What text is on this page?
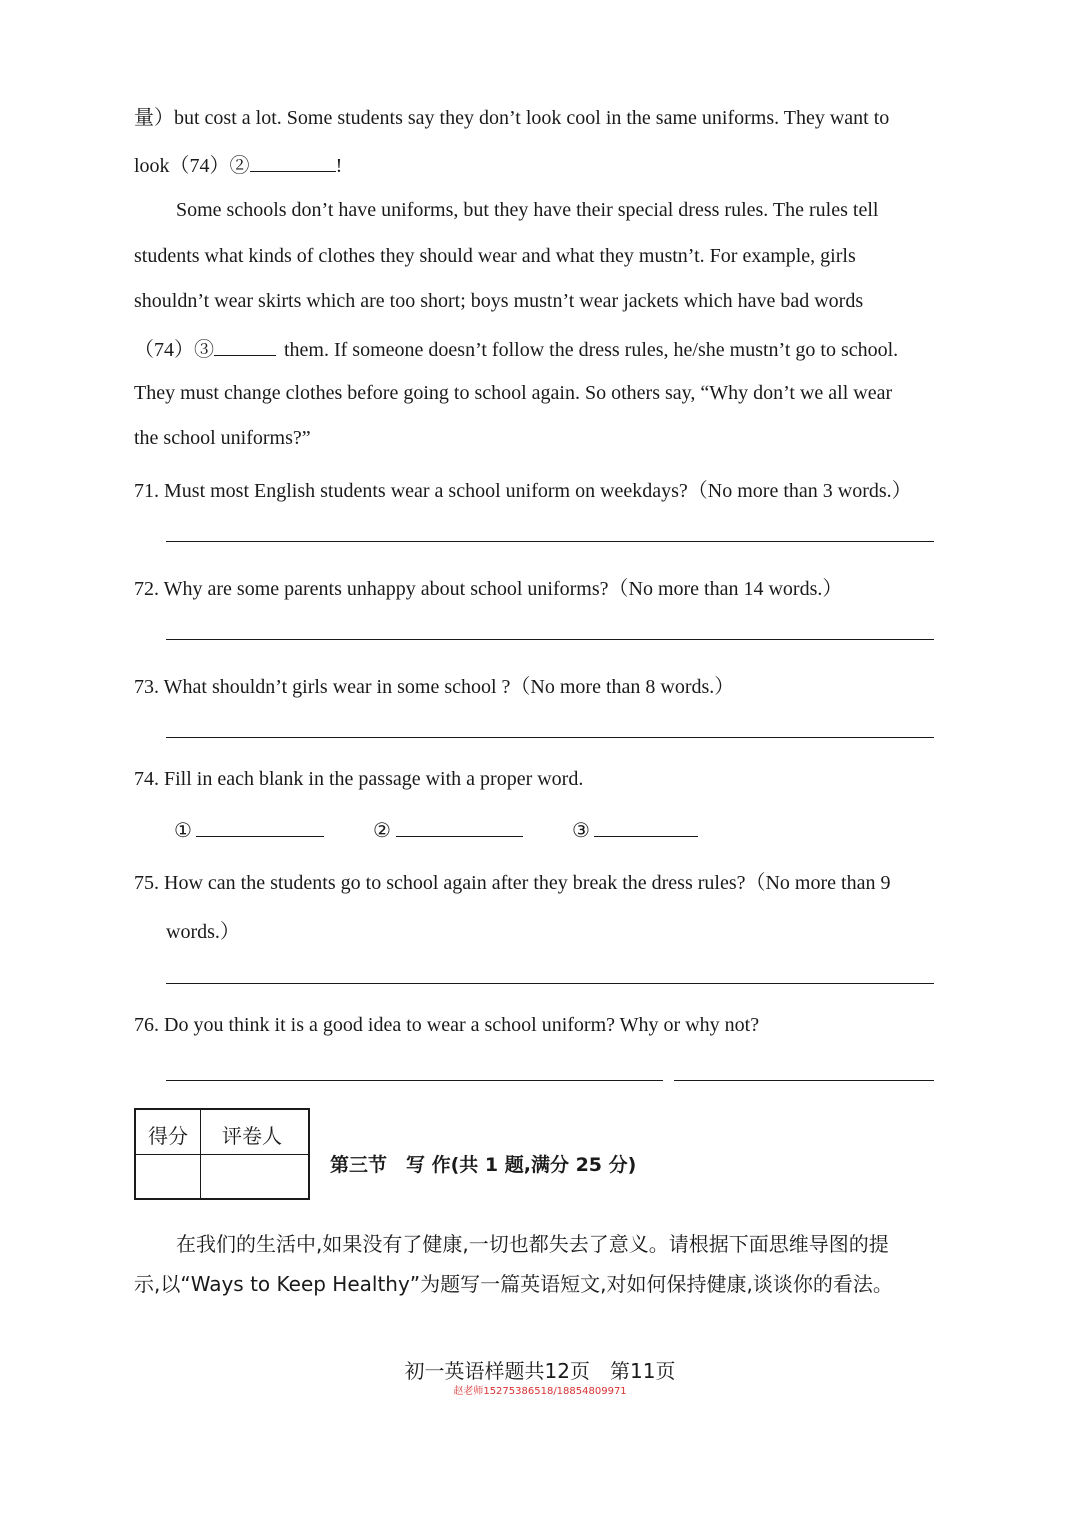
量）but cost a lot. Some students say they don’t look cool in the same uniforms. They want to
look（74）②	!
Some schools don’t have uniforms, but they have their special dress rules. The rules tell
students what kinds of clothes they should wear and what they mustn’t. For example, girls
shouldn’t wear skirts which are too short; boys mustn’t wear jackets which have bad words
（74）③	them. If someone doesn’t follow the dress rules, he/she mustn’t go to school.
They must change clothes before going to school again. So others say, “Why don’t we all wear
the school uniforms?”
71. Must most English students wear a school uniform on weekdays?（No more than 3 words.）
72. Why are some parents unhappy about school uniforms?（No more than 14 words.）
73. What shouldn’t girls wear in some school ?（No more than 8 words.）
74. Fill in each blank in the passage with a proper word.
①	②	③
75. How can the students go to school again after they break the dress rules?（No more than 9
words.）
76. Do you think it is a good idea to wear a school uniform? Why or why not?
得分 评卷人
第三节　写 作(共 1 题,满分 25 分)
在我们的生活中,如果没有了健康,一切也都失去了意义。请根据下面思维导图的提
示,以“Ways to Keep Healthy”为题写一篇英语短文,对如何保持健康,谈谈你的看法。
初一英语样题共12页　第11页
赵老师15275386518/18854809971
